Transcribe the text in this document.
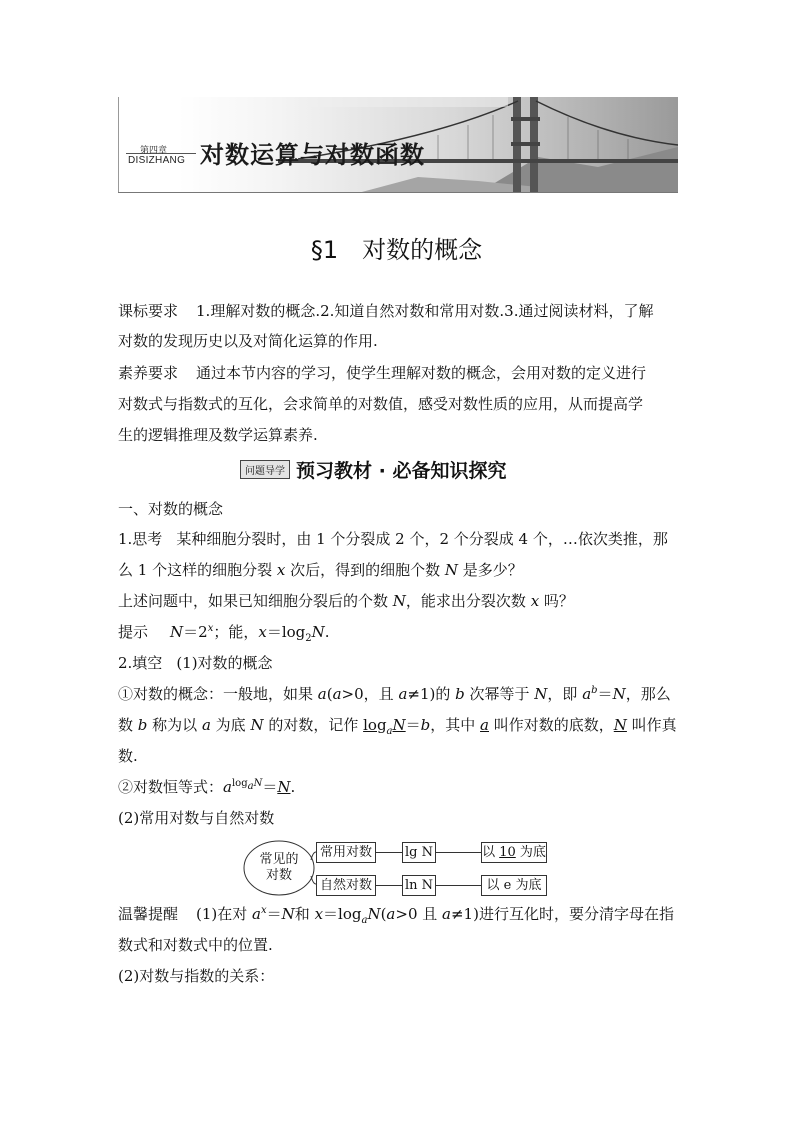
第四章
DISIZHANG 对数运算与对数函数
§1　对数的概念
课标要求 1.理解对数的概念.2.知道自然对数和常用对数.3.通过阅读材料，了解
对数的发现历史以及对简化运算的作用.
素养要求 通过本节内容的学习，使学生理解对数的概念，会用对数的定义进行
对数式与指数式的互化，会求简单的对数值，感受对数性质的应用，从而提高学
生的逻辑推理及数学运算素养.
问题导学 预习教材 · 必备知识探究
一、对数的概念
1.思考 某种细胞分裂时，由 1 个分裂成 2 个，2 个分裂成 4 个，…依次类推，那
么 1 个这样的细胞分裂 x 次后，得到的细胞个数 N 是多少？
上述问题中，如果已知细胞分裂后的个数 N，能求出分裂次数 x 吗？
提示 $N=2^x$；能，$x=\log_2N$.
2.填空 (1)对数的概念
①对数的概念：一般地，如果 a(a>0，且 a≠1)的 b 次幂等于 N，即 $a^b=N$，那么
数 b 称为以 a 为底 N 的对数，记作 $\log_aN=b$，其中 a 叫作对数的底数，N 叫作真
数.
②对数恒等式：$a^{log_aN}=N$.
(2)常用对数与自然对数
常见的
对数
常用对数	lg N	以 10 为底
自然对数	ln N	以 e 为底
温馨提醒 (1)在对 $a^x=N$和 $x=\log_aN(a>0$ 且 a≠1)进行互化时，要分清字母在指
数式和对数式中的位置.
(2)对数与指数的关系：
